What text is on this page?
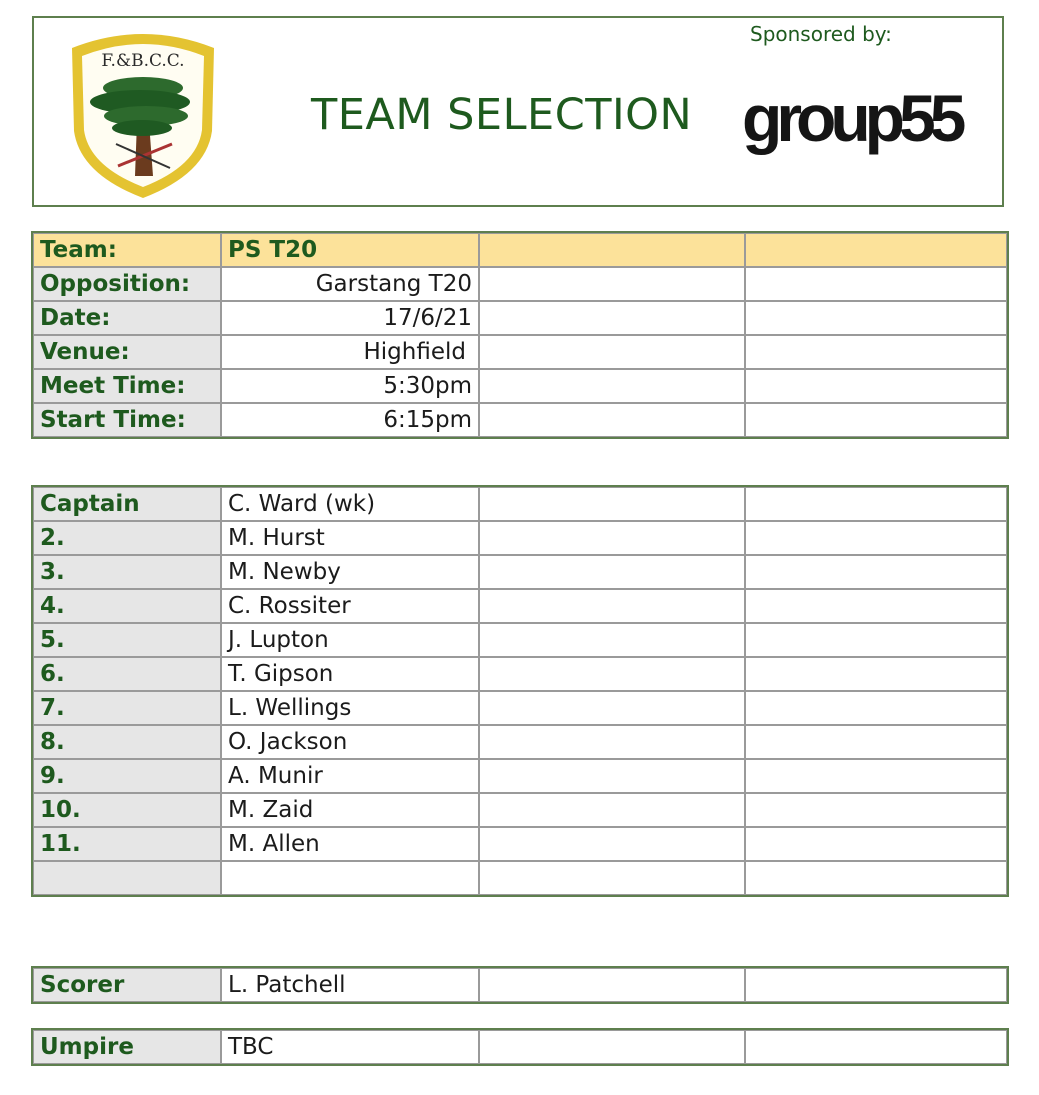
F.&B.C.C.
TEAM SELECTION
Sponsored by:
group55
Team:	PS T20		
Opposition:	Garstang T20		
Date:	17/6/21		
Venue:	Highfield		
Meet Time:	5:30pm		
Start Time:	6:15pm		
Captain	C. Ward (wk)		
2.	M. Hurst		
3.	M. Newby		
4.	C. Rossiter		
5.	J. Lupton		
6.	T. Gipson		
7.	L. Wellings		
8.	O. Jackson		
9.	A. Munir		
10.	M. Zaid		
11.	M. Allen		

Scorer	L. Patchell		
Umpire	TBC		
